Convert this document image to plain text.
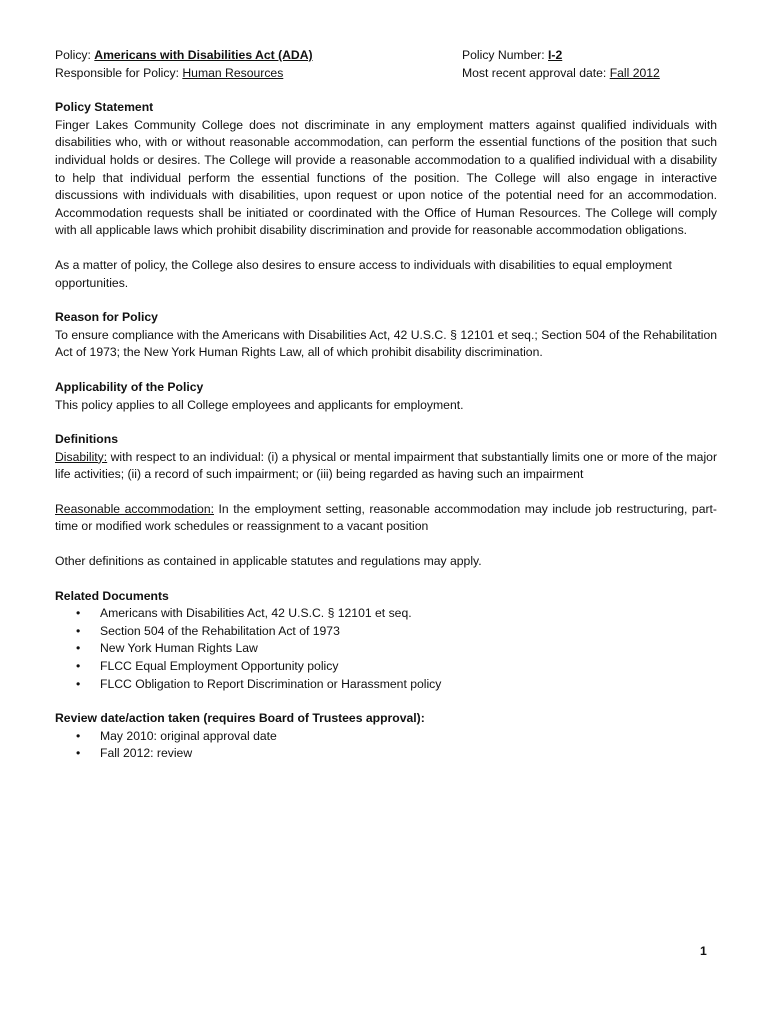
Policy: Americans with Disabilities Act (ADA)	Policy Number: I-2
Responsible for Policy: Human Resources	Most recent approval date: Fall 2012
Policy Statement

Finger Lakes Community College does not discriminate in any employment matters against qualified individuals with disabilities who, with or without reasonable accommodation, can perform the essential functions of the position that such individual holds or desires. The College will provide a reasonable accommodation to a qualified individual with a disability to help that individual perform the essential functions of the position. The College will also engage in interactive discussions with individuals with disabilities, upon request or upon notice of the potential need for an accommodation. Accommodation requests shall be initiated or coordinated with the Office of Human Resources. The College will comply with all applicable laws which prohibit disability discrimination and provide for reasonable accommodation obligations.

As a matter of policy, the College also desires to ensure access to individuals with disabilities to equal employment opportunities.

Reason for Policy

To ensure compliance with the Americans with Disabilities Act, 42 U.S.C. § 12101 et seq.; Section 504 of the Rehabilitation Act of 1973; the New York Human Rights Law, all of which prohibit disability discrimination.

Applicability of the Policy

This policy applies to all College employees and applicants for employment.

Definitions

Disability: with respect to an individual: (i) a physical or mental impairment that substantially limits one or more of the major life activities; (ii) a record of such impairment; or (iii) being regarded as having such an impairment

Reasonable accommodation: In the employment setting, reasonable accommodation may include job restructuring, part-time or modified work schedules or reassignment to a vacant position

Other definitions as contained in applicable statutes and regulations may apply.

Related Documents
• Americans with Disabilities Act, 42 U.S.C. § 12101 et seq.
• Section 504 of the Rehabilitation Act of 1973
• New York Human Rights Law
• FLCC Equal Employment Opportunity policy
• FLCC Obligation to Report Discrimination or Harassment policy
Review date/action taken (requires Board of Trustees approval):
• May 2010: original approval date
• Fall 2012: review
1
